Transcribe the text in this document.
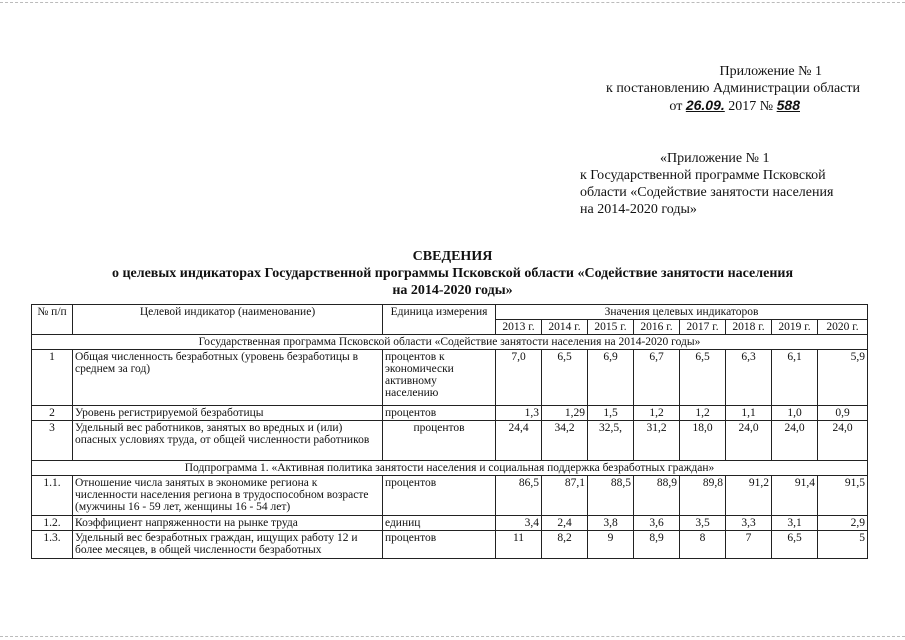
Приложение № 1
к постановлению Администрации области
от 26.09. 2017 № 588
«Приложение № 1
к Государственной программе Псковской
области «Содействие занятости населения
на 2014-2020 годы»
СВЕДЕНИЯ
о целевых индикаторах Государственной программы Псковской области «Содействие занятости населения
на 2014-2020 годы»
№ п/п	Целевой индикатор (наименование)	Единица измерения	Значения целевых индикаторов							
			2013 г.	2014 г.	2015 г.	2016 г.	2017 г.	2018 г.	2019 г.	2020 г.
Государственная программа Псковской области «Содействие занятости населения на 2014-2020 годы»										
1	Общая численность безработных (уровень безработицы в среднем за год)	процентов к экономически активному населению	7,0	6,5	6,9	6,7	6,5	6,3	6,1	5,9
2	Уровень регистрируемой безработицы	процентов	1,3	1,29	1,5	1,2	1,2	1,1	1,0	0,9
3	Удельный вес работников, занятых во вредных и (или) опасных условиях труда, от общей численности работников	процентов	24,4	34,2	32,5,	31,2	18,0	24,0	24,0	24,0
Подпрограмма 1. «Активная политика занятости населения и социальная поддержка безработных граждан»										
1.1.	Отношение числа занятых в экономике региона к численности населения региона в трудоспособном возрасте (мужчины 16 - 59 лет, женщины 16 - 54 лет)	процентов	86,5	87,1	88,5	88,9	89,8	91,2	91,4	91,5
1.2.	Коэффициент напряженности на рынке труда	единиц	3,4	2,4	3,8	3,6	3,5	3,3	3,1	2,9
1.3.	Удельный вес безработных граждан, ищущих работу 12 и более месяцев, в общей численности безработных	процентов	11	8,2	9	8,9	8	7	6,5	5
